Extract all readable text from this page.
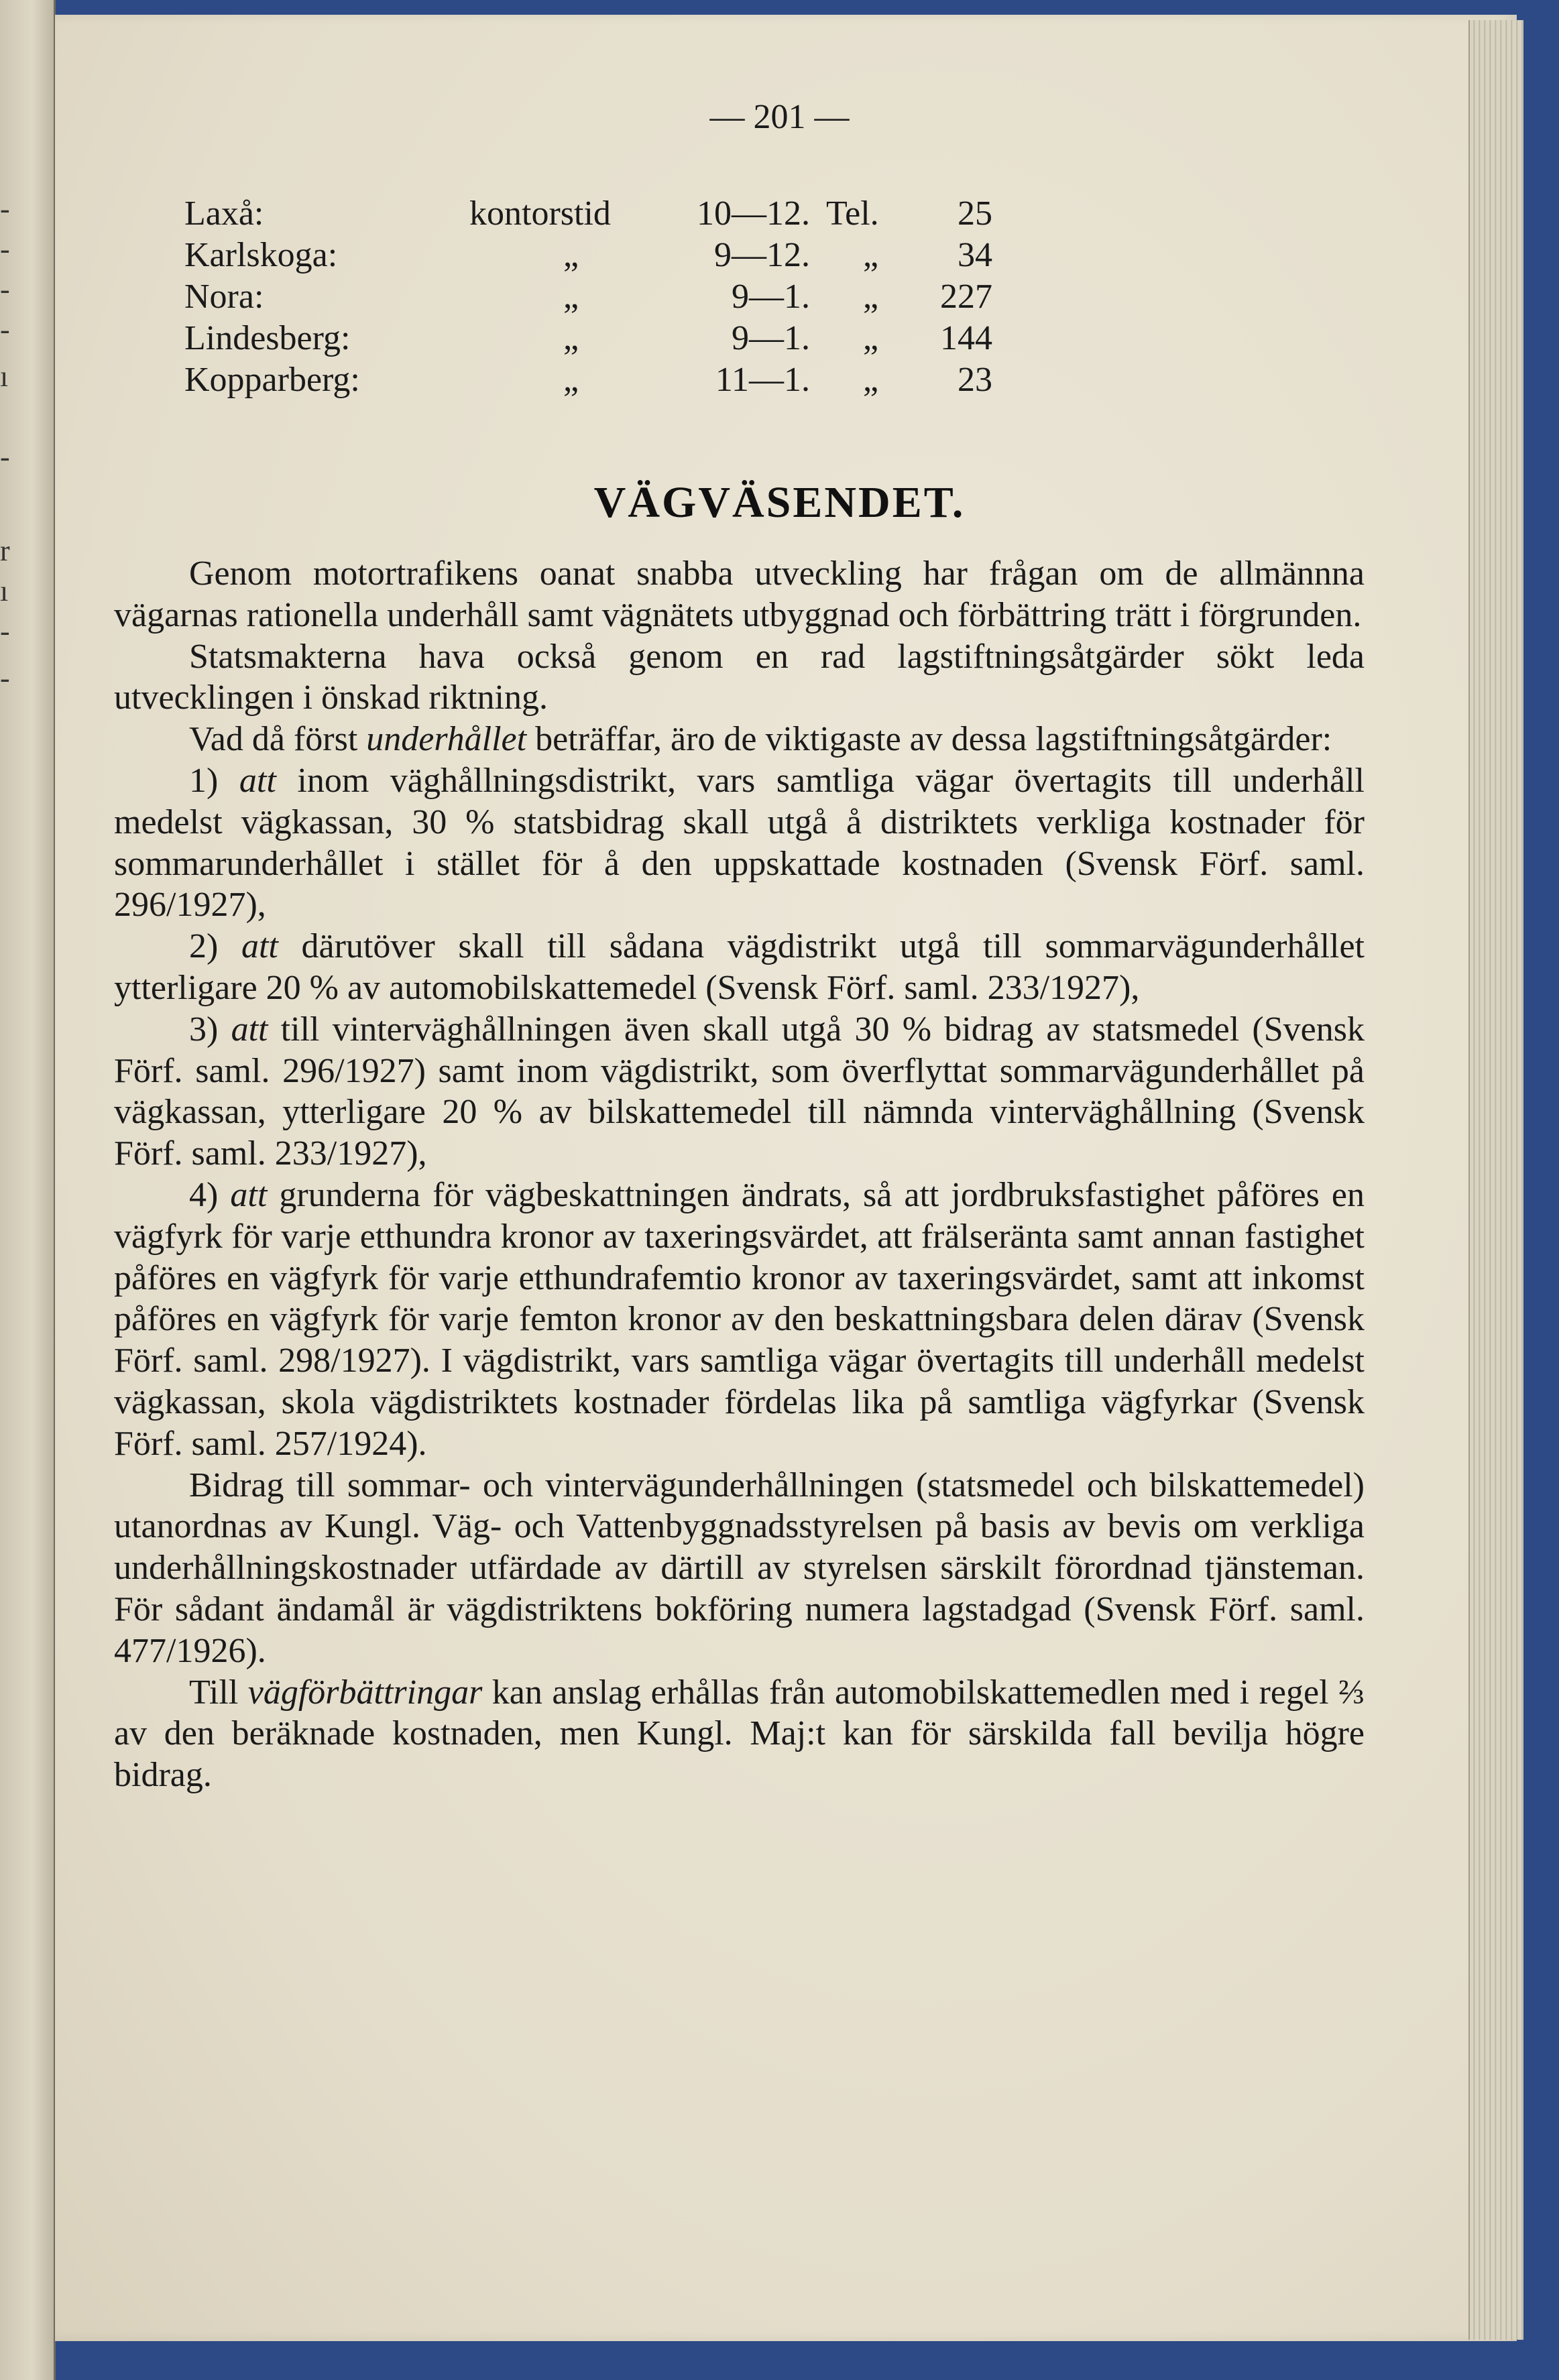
-
-
-
-
ı
-
r
ı
-
-
— 201 —
Laxå:	kontorstid	10—12. Tel.	25
Karlskoga:	„	9—12. „	34
Nora:	„	9—1. „	227
Lindesberg:	„	9—1. „	144
Kopparberg:	„	11—1. „	23
VÄGVÄSENDET.

Genom motortrafikens oanat snabba utveckling har frågan om de allmännna vägarnas rationella underhåll samt vägnätets utbyggnad och förbättring trätt i förgrunden.

Statsmakterna hava också genom en rad lagstiftningsåtgärder sökt leda utvecklingen i önskad riktning.

Vad då först underhållet beträffar, äro de viktigaste av dessa lagstiftningsåtgärder:

1) att inom väghållningsdistrikt, vars samtliga vägar övertagits till underhåll medelst vägkassan, 30 % statsbidrag skall utgå å distriktets verkliga kostnader för sommarunderhållet i stället för å den uppskattade kostnaden (Svensk Förf. saml. 296/1927),

2) att därutöver skall till sådana vägdistrikt utgå till sommarvägunderhållet ytterligare 20 % av automobilskattemedel (Svensk Förf. saml. 233/1927),

3) att till vinterväghållningen även skall utgå 30 % bidrag av statsmedel (Svensk Förf. saml. 296/1927) samt inom vägdistrikt, som överflyttat sommarvägunderhållet på vägkassan, ytterligare 20 % av bilskattemedel till nämnda vinterväghållning (Svensk Förf. saml. 233/1927),

4) att grunderna för vägbeskattningen ändrats, så att jordbruksfastighet påföres en vägfyrk för varje etthundra kronor av taxeringsvärdet, att frälseränta samt annan fastighet påföres en vägfyrk för varje etthundrafemtio kronor av taxeringsvärdet, samt att inkomst påföres en vägfyrk för varje femton kronor av den beskattningsbara delen därav (Svensk Förf. saml. 298/1927). I vägdistrikt, vars samtliga vägar övertagits till underhåll medelst vägkassan, skola vägdistriktets kostnader fördelas lika på samtliga vägfyrkar (Svensk Förf. saml. 257/1924).

Bidrag till sommar- och vintervägunderhållningen (statsmedel och bilskattemedel) utanordnas av Kungl. Väg- och Vattenbyggnadsstyrelsen på basis av bevis om verkliga underhållningskostnader utfärdade av därtill av styrelsen särskilt förordnad tjänsteman. För sådant ändamål är vägdistriktens bokföring numera lagstadgad (Svensk Förf. saml. 477/1926).

Till vägförbättringar kan anslag erhållas från automobilskattemedlen med i regel ⅔ av den beräknade kostnaden, men Kungl. Maj:t kan för särskilda fall bevilja högre bidrag.
